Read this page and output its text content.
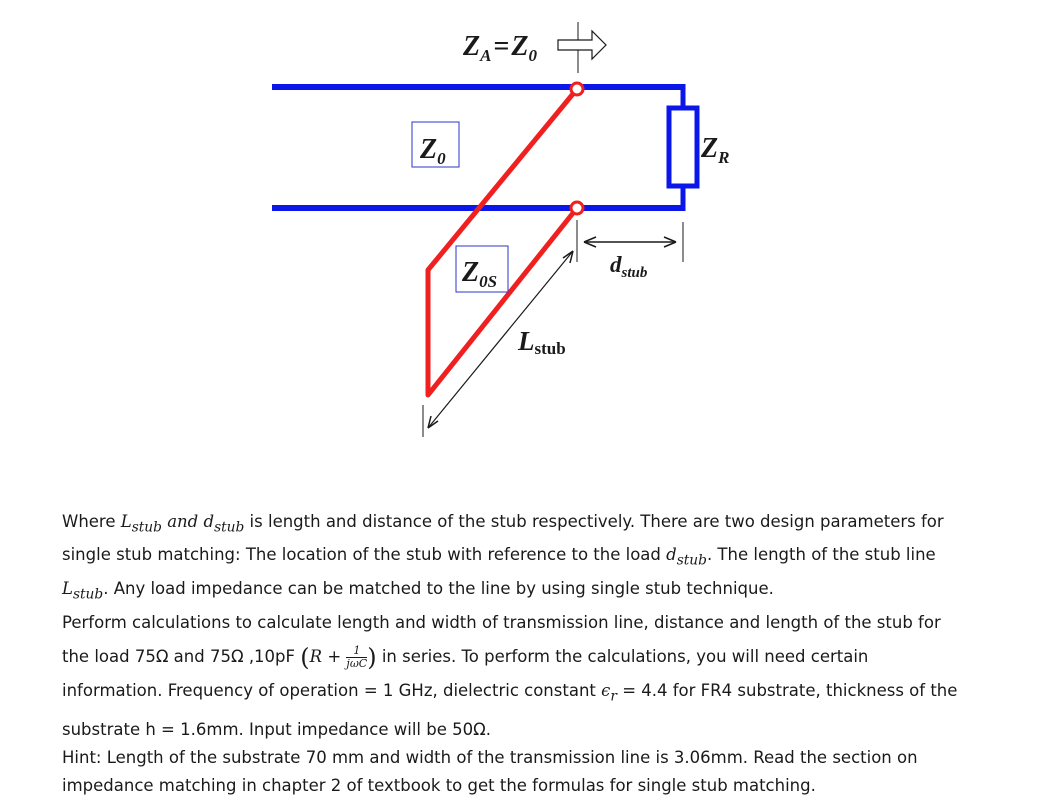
$Z_A=Z_0$
$Z_0$	$Z_R$
$Z_{0S}$
$d_{stub}$
Lstub

Where $L_{stub}$ and $d_{stub}$ is length and distance of the stub respectively. There are two design parameters for single stub matching: The location of the stub with reference to the load $d_{stub}$. The length of the stub line $L_{stub}$. Any load impedance can be matched to the line by using single stub technique.

Perform calculations to calculate length and width of transmission line, distance and length of the stub for the load 75Ω and 75Ω ,10pF ($R + \frac{1}{\text{jωC}}$ ) in series. To perform the calculations, you will need certain information. Frequency of operation = 1 GHz, dielectric constant $\epsilon_r = 4.4$ for FR4 substrate, thickness of the substrate h = 1.6mm. Input impedance will be 50Ω.

Hint: Length of the substrate 70 mm and width of the transmission line is 3.06mm. Read the section on impedance matching in chapter 2 of textbook to get the formulas for single stub matching.
